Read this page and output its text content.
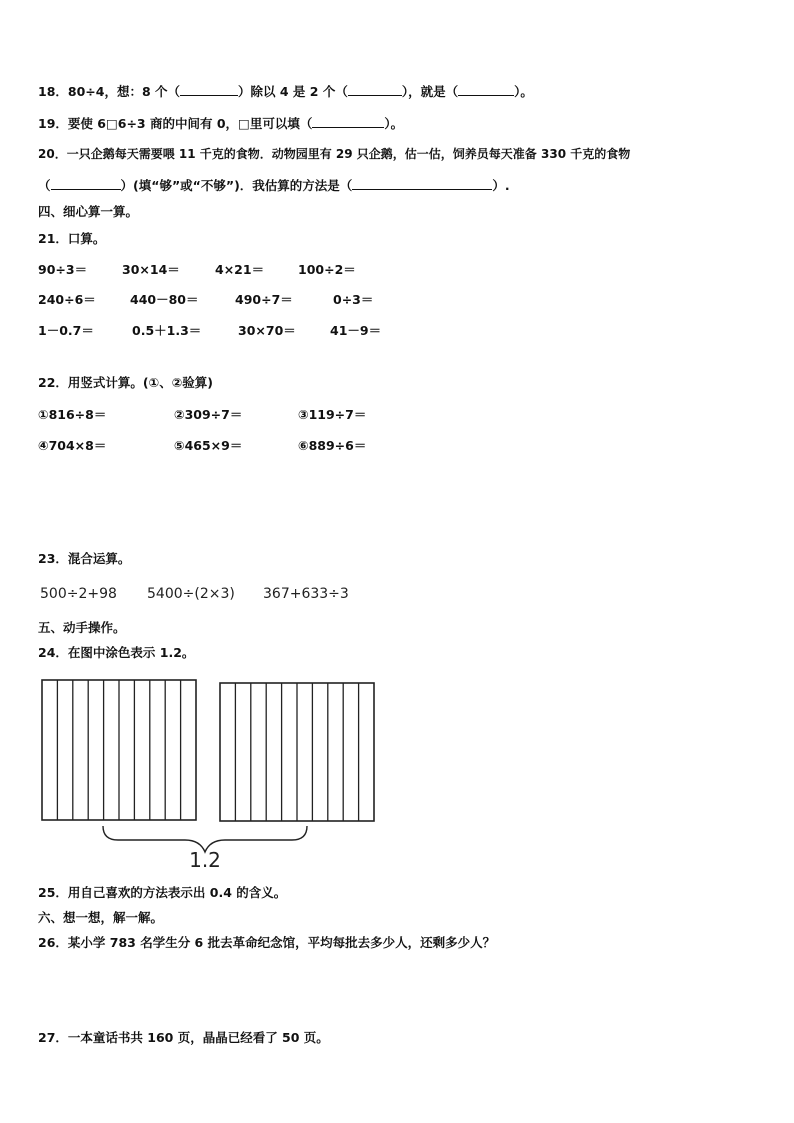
18．80÷4，想：8 个（	）除以 4 是 2 个（	），就是（	）。
19．要使 6□6÷3 商的中间有 0，□里可以填（	）。
20．一只企鹅每天需要喂 11 千克的食物．动物园里有 29 只企鹅，估一估，饲养员每天准备 330 千克的食物
（	）(填“够”或“不够”)．我估算的方法是（	）.
四、细心算一算。
21．口算。
90÷3＝	30×14＝	4×21＝	100÷2＝
240÷6＝	440－80＝	490÷7＝	0÷3＝
1－0.7＝	0.5＋1.3＝	30×70＝	41－9＝
22．用竖式计算。(①、②验算)
①816÷8＝	②309÷7＝	③119÷7＝
④704×8＝	⑤465×9＝	⑥889÷6＝
23．混合运算。
500÷2+98 5400÷(2×3) 367+633÷3
五、动手操作。
24．在图中涂色表示 1.2。
1.2
25．用自己喜欢的方法表示出 0.4 的含义。
六、想一想，解一解。
26．某小学 783 名学生分 6 批去革命纪念馆，平均每批去多少人，还剩多少人？
27．一本童话书共 160 页，晶晶已经看了 50 页。
